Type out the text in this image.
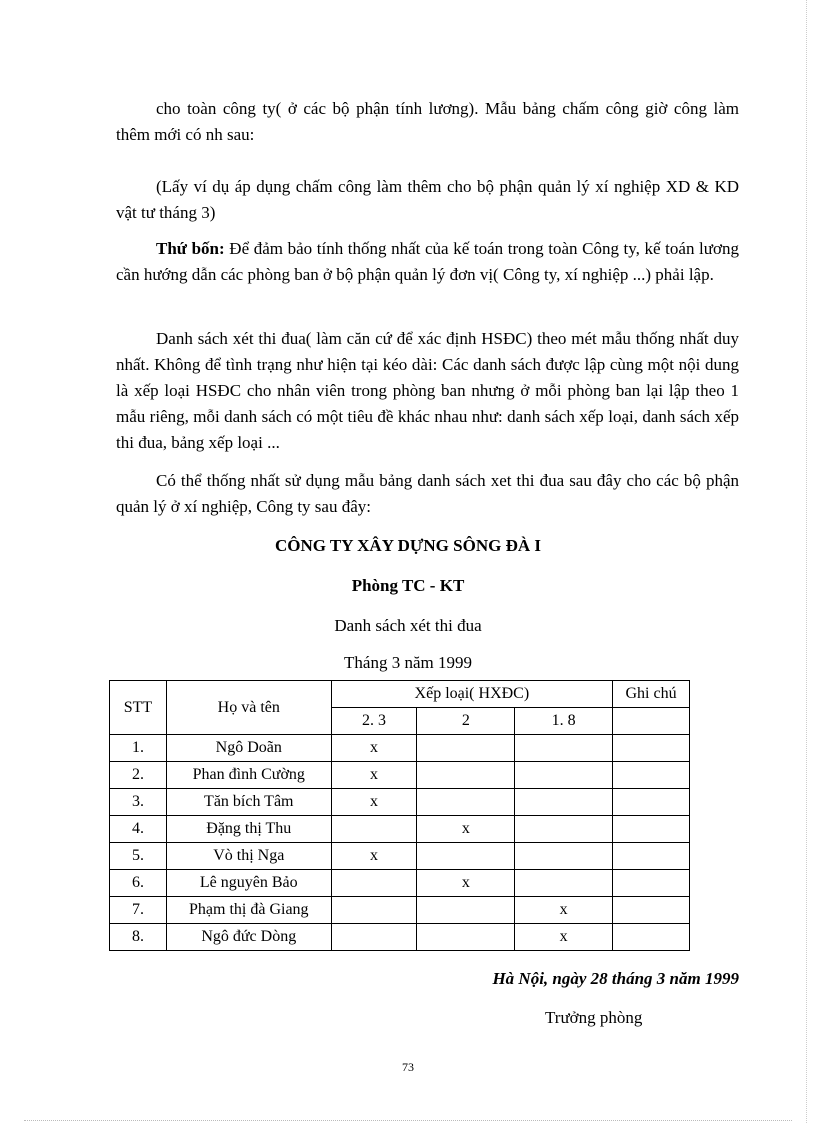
cho toàn công ty( ở các bộ phận tính lương). Mẫu bảng chấm công giờ công làm thêm mới có nh sau:

(Lấy ví dụ áp dụng chấm công làm thêm cho bộ phận quản lý xí nghiệp XD & KD vật tư tháng 3)

Thứ bốn: Để đảm bảo tính thống nhất của kế toán trong toàn Công ty, kế toán lương cần hướng dẫn các phòng ban ở bộ phận quản lý đơn vị( Công ty, xí nghiệp ...) phải lập.

Danh sách xét thi đua( làm căn cứ để xác định HSĐC) theo mét mẫu thống nhất duy nhất. Không để tình trạng như hiện tại kéo dài: Các danh sách được lập cùng một nội dung là xếp loại HSĐC cho nhân viên trong phòng ban nhưng ở mỗi phòng ban lại lập theo 1 mẫu riêng, mỗi danh sách có một tiêu đề khác nhau như: danh sách xếp loại, danh sách xếp thi đua, bảng xếp loại ...

Có thể thống nhất sử dụng mẫu bảng danh sách xet thi đua sau đây cho các bộ phận quản lý ở xí nghiệp, Công ty sau đây:

CÔNG TY XÂY DỰNG SÔNG ĐÀ I
Phòng TC - KT
Danh sách xét thi đua
Tháng 3 năm 1999
STT	Họ và tên	Xếp loại( HXĐC)			Ghi chú
		2. 3	2	1. 8	
1.	Ngô Doãn	x			
2.	Phan đình Cường	x			
3.	Tăn bích Tâm	x			
4.	Đặng thị Thu		x		
5.	Vò thị Nga	x			
6.	Lê nguyên Bảo		x		
7.	Phạm thị đà Giang			x	
8.	Ngô đức Dòng			x	
Hà Nội, ngày 28 tháng 3 năm 1999
Trưởng phòng
73
